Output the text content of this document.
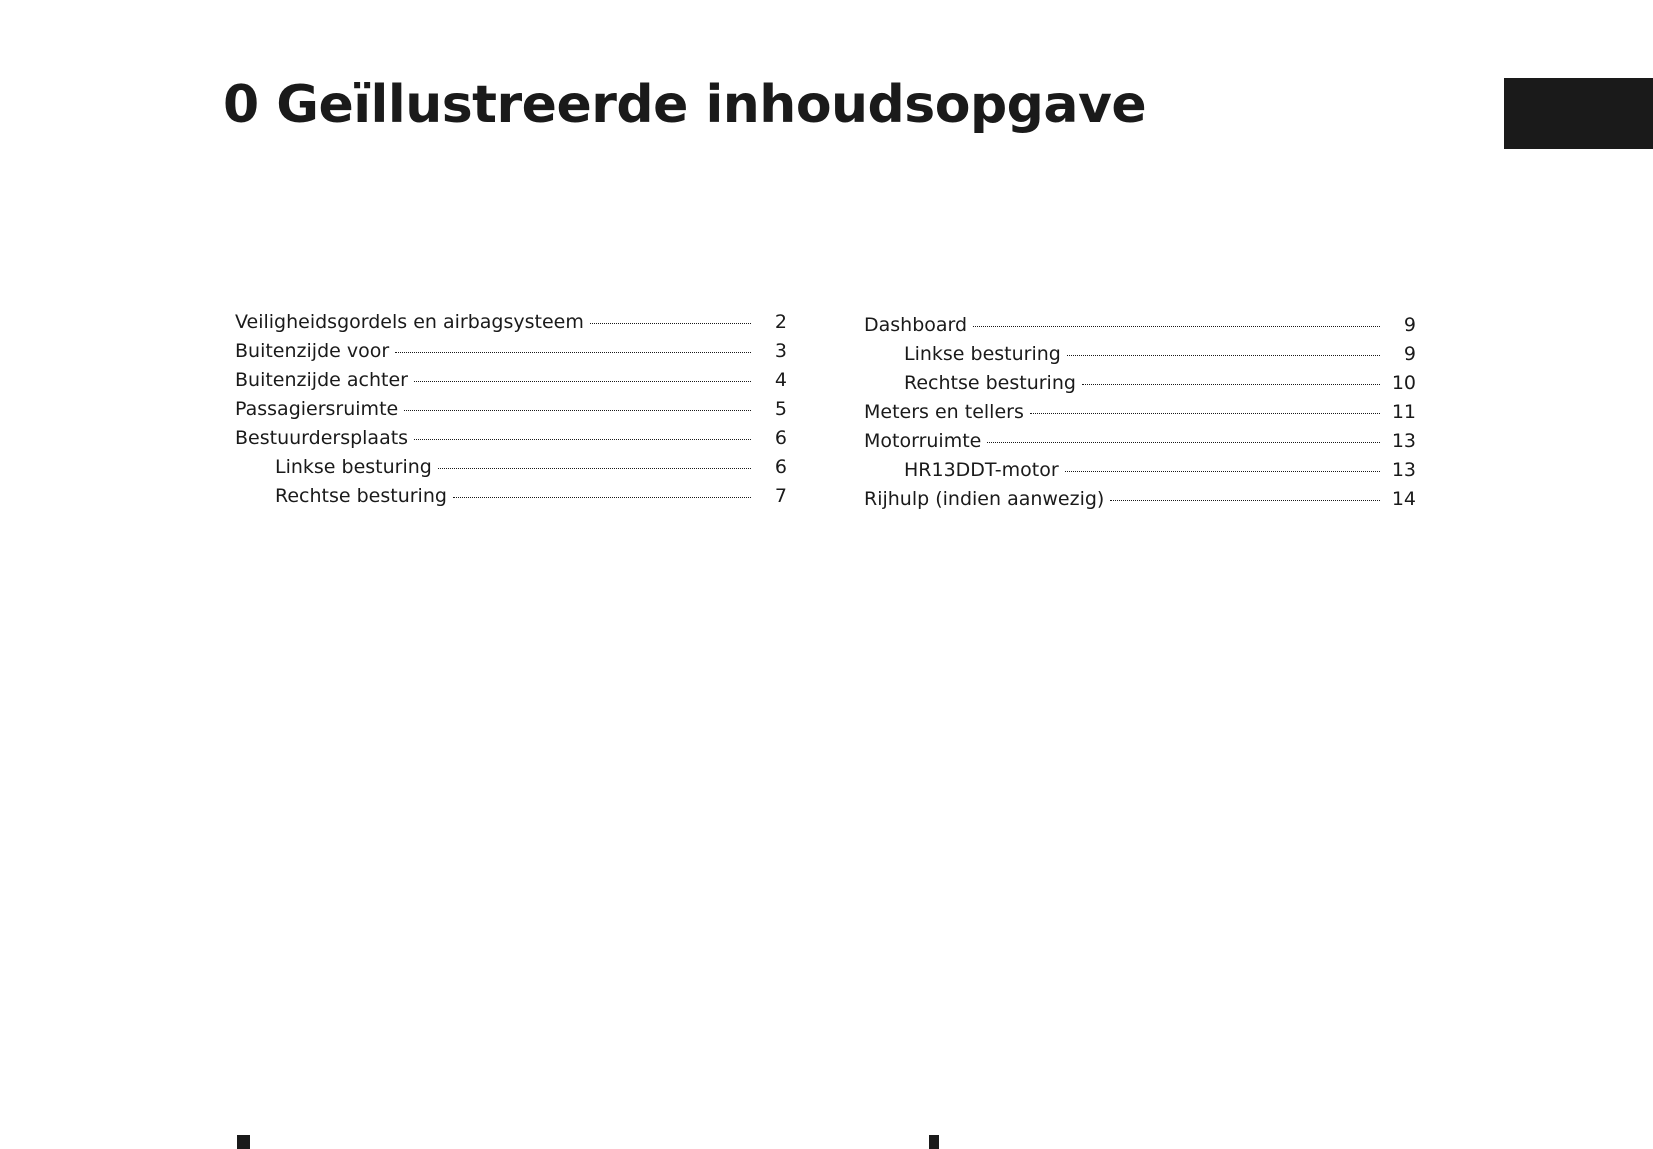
0 Geïllustreerde inhoudsopgave
Veiligheidsgordels en airbagsysteem	2
Buitenzijde voor	3
Buitenzijde achter	4
Passagiersruimte	5
Bestuurdersplaats	6
Linkse besturing	6
Rechtse besturing	7
Dashboard	9
Linkse besturing	9
Rechtse besturing	10
Meters en tellers	11
Motorruimte	13
HR13DDT-motor	13
Rijhulp (indien aanwezig)	14
